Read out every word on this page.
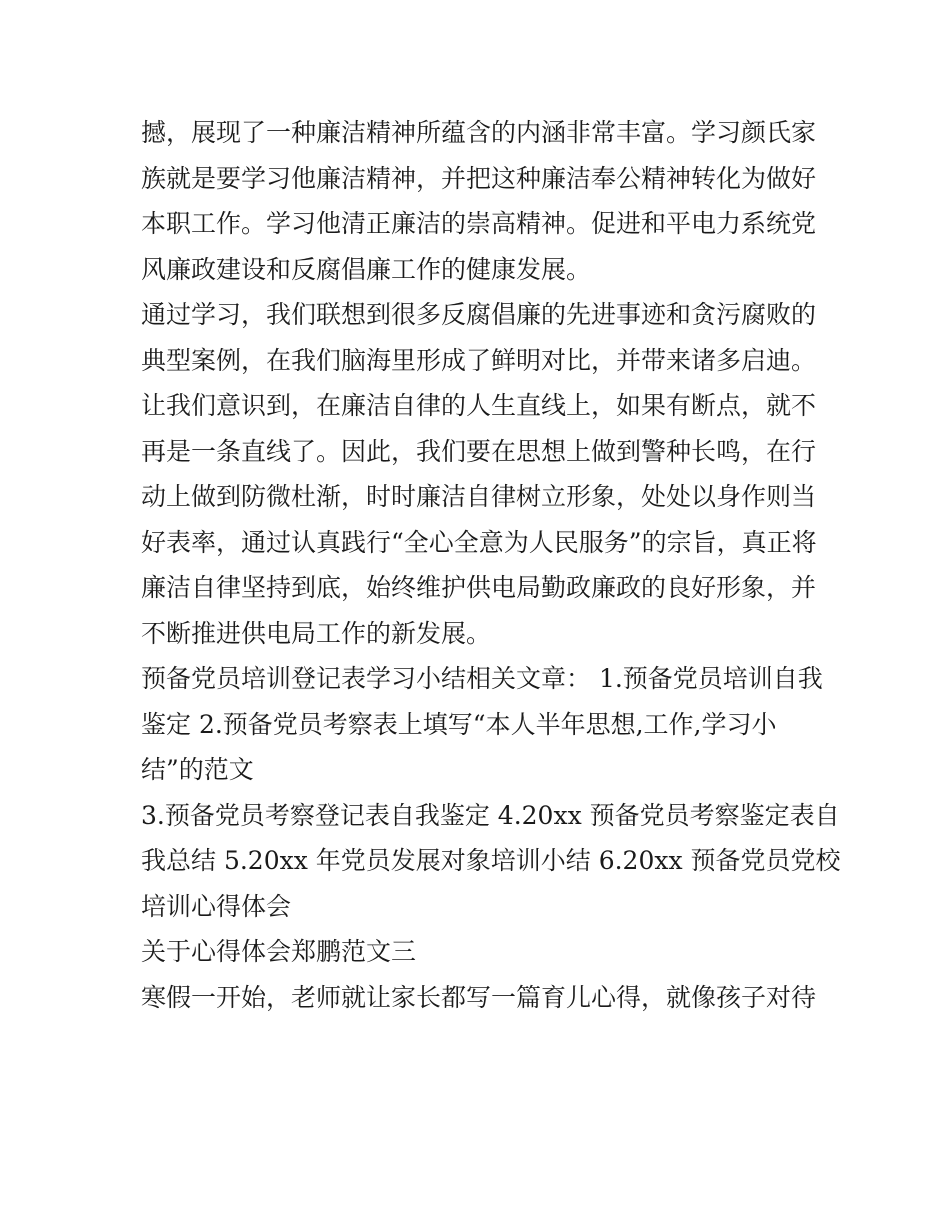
撼，展现了一种廉洁精神所蕴含的内涵非常丰富。学习颜氏家
族就是要学习他廉洁精神，并把这种廉洁奉公精神转化为做好
本职工作。学习他清正廉洁的崇高精神。促进和平电力系统党
风廉政建设和反腐倡廉工作的健康发展。
通过学习，我们联想到很多反腐倡廉的先进事迹和贪污腐败的
典型案例，在我们脑海里形成了鲜明对比，并带来诸多启迪。
让我们意识到，在廉洁自律的人生直线上，如果有断点，就不
再是一条直线了。因此，我们要在思想上做到警种长鸣，在行
动上做到防微杜渐，时时廉洁自律树立形象，处处以身作则当
好表率，通过认真践行“全心全意为人民服务”的宗旨，真正将
廉洁自律坚持到底，始终维护供电局勤政廉政的良好形象，并
不断推进供电局工作的新发展。
预备党员培训登记表学习小结相关文章： 1.预备党员培训自我
鉴定 2.预备党员考察表上填写“本人半年思想,工作,学习小
结”的范文
3.预备党员考察登记表自我鉴定 4.20xx 预备党员考察鉴定表自
我总结 5.20xx 年党员发展对象培训小结 6.20xx 预备党员党校
培训心得体会
关于心得体会郑鹏范文三
寒假一开始，老师就让家长都写一篇育儿心得，就像孩子对待
